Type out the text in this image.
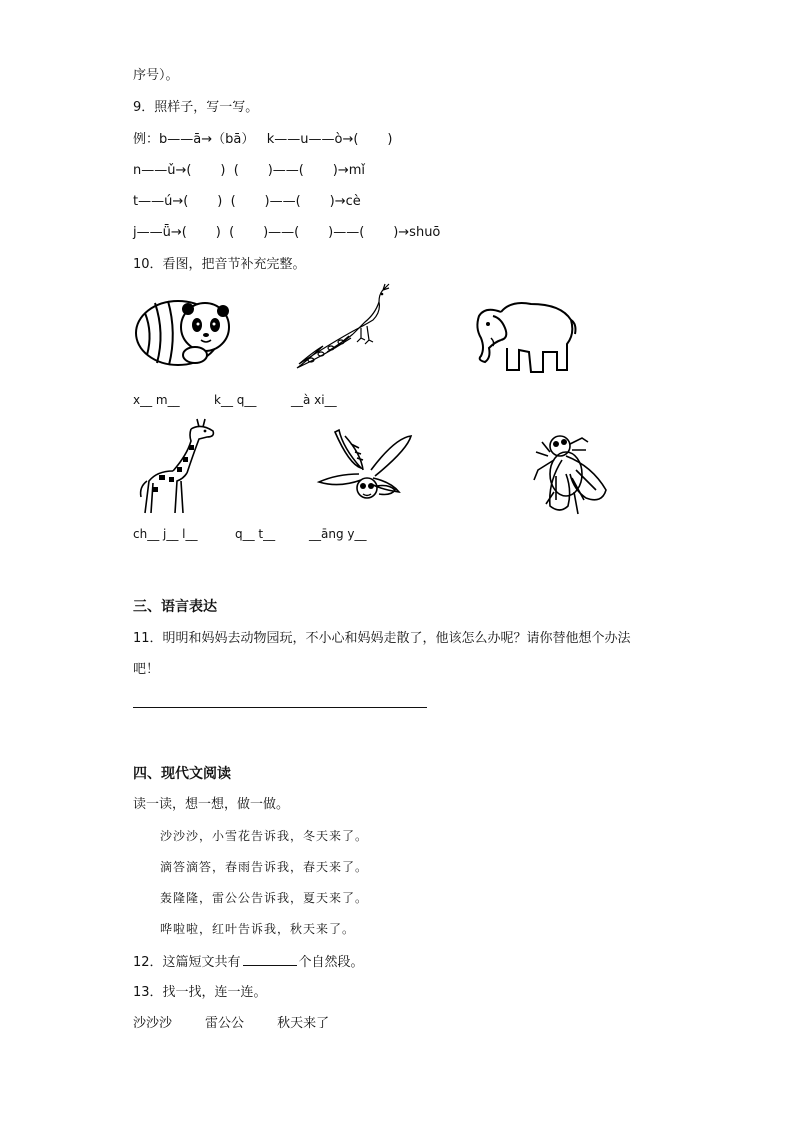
序号）。
9．照样子，写一写。
例：b——ā→（bā）   k——u——ò→(       )
n——ǔ→(       )  (       )——(       )→mǐ
t——ú→(       )  (       )——(       )→cè
j——ǖ→(       )  (       )——(       )——(       )→shuō
10．看图，把音节补充完整。
x__ m__	k__ q__	__à xi__
ch__ j__ l__	q__ t__	__āng y__
三、语言表达
11．明明和妈妈去动物园玩，不小心和妈妈走散了，他该怎么办呢？请你替他想个办法
吧！
四、现代文阅读
读一读，想一想，做一做。
沙沙沙，小雪花告诉我，冬天来了。
滴答滴答，春雨告诉我，春天来了。
轰隆隆，雷公公告诉我，夏天来了。
哗啦啦，红叶告诉我，秋天来了。
12．这篇短文共有	个自然段。
13．找一找，连一连。
沙沙沙        雷公公        秋天来了
